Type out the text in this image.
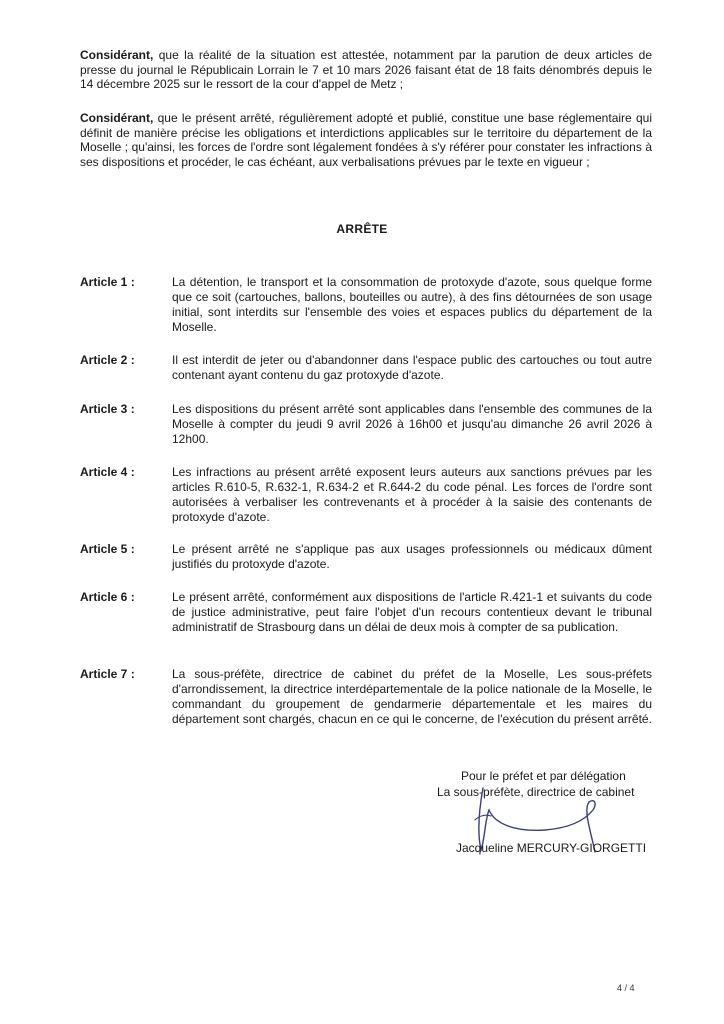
Considérant, que la réalité de la situation est attestée, notamment par la parution de deux articles de presse du journal le Républicain Lorrain le 7 et 10 mars 2026 faisant état de 18 faits dénombrés depuis le 14 décembre 2025 sur le ressort de la cour d'appel de Metz ;

Considérant, que le présent arrêté, régulièrement adopté et publié, constitue une base réglementaire qui définit de manière précise les obligations et interdictions applicables sur le territoire du département de la Moselle ; qu'ainsi, les forces de l'ordre sont légalement fondées à s'y référer pour constater les infractions à ses dispositions et procéder, le cas échéant, aux verbalisations prévues par le texte en vigueur ;

ARRÊTE
Article 1 :	La détention, le transport et la consommation de protoxyde d'azote, sous quelque forme que ce soit (cartouches, ballons, bouteilles ou autre), à des fins détournées de son usage initial, sont interdits sur l'ensemble des voies et espaces publics du département de la Moselle.

Article 2 :	Il est interdit de jeter ou d'abandonner dans l'espace public des cartouches ou tout autre contenant ayant contenu du gaz protoxyde d'azote.

Article 3 :	Les dispositions du présent arrêté sont applicables dans l'ensemble des communes de la Moselle à compter du jeudi 9 avril 2026 à 16h00 et jusqu'au dimanche 26 avril 2026 à 12h00.

Article 4 :	Les infractions au présent arrêté exposent leurs auteurs aux sanctions prévues par les articles R.610-5, R.632-1, R.634-2 et R.644-2 du code pénal. Les forces de l'ordre sont autorisées à verbaliser les contrevenants et à procéder à la saisie des contenants de protoxyde d'azote.

Article 5 :	Le présent arrêté ne s'applique pas aux usages professionnels ou médicaux dûment justifiés du protoxyde d'azote.

Article 6 :	Le présent arrêté, conformément aux dispositions de l'article R.421-1 et suivants du code de justice administrative, peut faire l'objet d'un recours contentieux devant le tribunal administratif de Strasbourg dans un délai de deux mois à compter de sa publication.

Article 7 :	La sous-préfète, directrice de cabinet du préfet de la Moselle, Les sous-préfets d'arrondissement, la directrice interdépartementale de la police nationale de la Moselle, le commandant du groupement de gendarmerie départementale et les maires du département sont chargés, chacun en ce qui le concerne, de l'exécution du présent arrêté.

Pour le préfet et par délégation
La sous-préfète, directrice de cabinet
Jacqueline MERCURY-GIORGETTI
4 / 4
